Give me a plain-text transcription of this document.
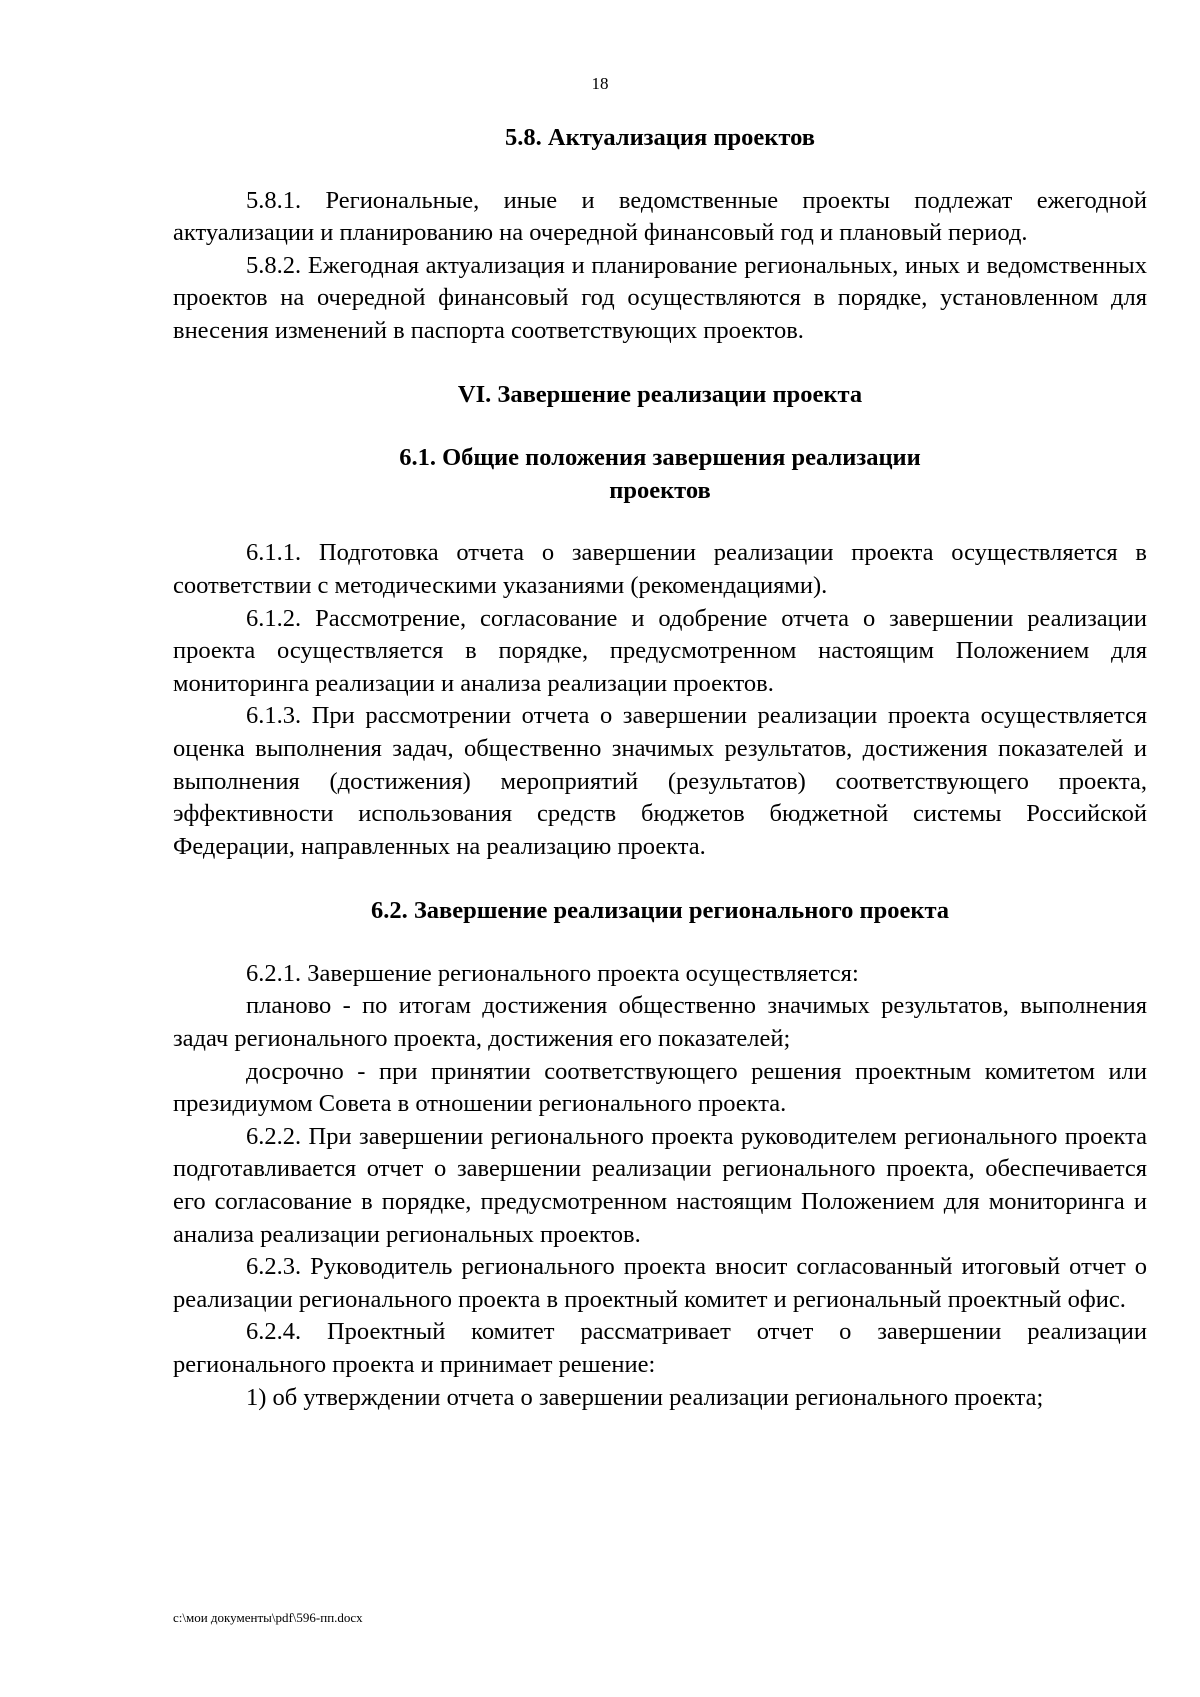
18
5.8. Актуализация проектов

5.8.1. Региональные, иные и ведомственные проекты подлежат ежегодной актуализации и планированию на очередной финансовый год и плановый период.

5.8.2. Ежегодная актуализация и планирование региональных, иных и ведомственных проектов на очередной финансовый год осуществляются в порядке, установленном для внесения изменений в паспорта соответствующих проектов.

VI. Завершение реализации проекта
6.1. Общие положения завершения реализации
проектов

6.1.1. Подготовка отчета о завершении реализации проекта осуществляется в соответствии с методическими указаниями (рекомендациями).

6.1.2. Рассмотрение, согласование и одобрение отчета о завершении реализации проекта осуществляется в порядке, предусмотренном настоящим Положением для мониторинга реализации и анализа реализации проектов.

6.1.3. При рассмотрении отчета о завершении реализации проекта осуществляется оценка выполнения задач, общественно значимых результатов, достижения показателей и выполнения (достижения) мероприятий (результатов) соответствующего проекта, эффективности использования средств бюджетов бюджетной системы Российской Федерации, направленных на реализацию проекта.

6.2. Завершение реализации регионального проекта

6.2.1. Завершение регионального проекта осуществляется:

планово - по итогам достижения общественно значимых результатов, выполнения задач регионального проекта, достижения его показателей;

досрочно - при принятии соответствующего решения проектным комитетом или президиумом Совета в отношении регионального проекта.

6.2.2. При завершении регионального проекта руководителем регионального проекта подготавливается отчет о завершении реализации регионального проекта, обеспечивается его согласование в порядке, предусмотренном настоящим Положением для мониторинга и анализа реализации региональных проектов.

6.2.3. Руководитель регионального проекта вносит согласованный итоговый отчет о реализации регионального проекта в проектный комитет и региональный проектный офис.

6.2.4. Проектный комитет рассматривает отчет о завершении реализации регионального проекта и принимает решение:

1) об утверждении отчета о завершении реализации регионального проекта;

c:\мои документы\pdf\596-пп.docx
